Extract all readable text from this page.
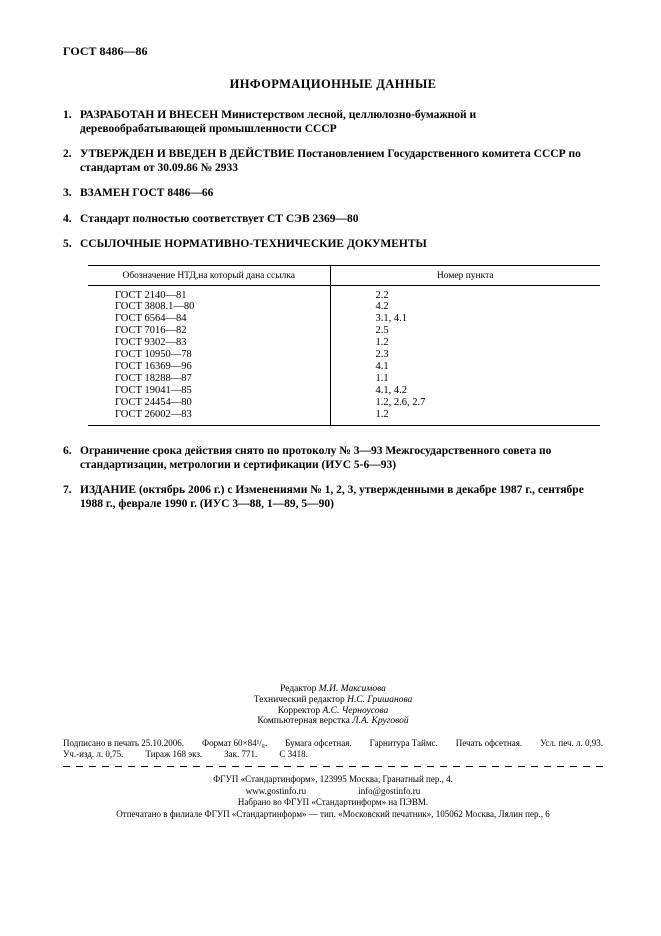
ГОСТ 8486—86
ИНФОРМАЦИОННЫЕ ДАННЫЕ
1. РАЗРАБОТАН И ВНЕСЕН Министерством лесной, целлюлозно-бумажной и деревообрабатывающей промышленности СССР
2. УТВЕРЖДЕН И ВВЕДЕН В ДЕЙСТВИЕ Постановлением Государственного комитета СССР по стандартам от 30.09.86 № 2933
3. ВЗАМЕН ГОСТ 8486—66
4. Стандарт полностью соответствует СТ СЭВ 2369—80
5. ССЫЛОЧНЫЕ НОРМАТИВНО-ТЕХНИЧЕСКИЕ ДОКУМЕНТЫ
Обозначение НТД,на который дана ссылка	Номер пункта
ГОСТ 2140—81	2.2
ГОСТ 3808.1—80	4.2
ГОСТ 6564—84	3.1, 4.1
ГОСТ 7016—82	2.5
ГОСТ 9302—83	1.2
ГОСТ 10950—78	2.3
ГОСТ 16369—96	4.1
ГОСТ 18288—87	1.1
ГОСТ 19041—85	4.1, 4.2
ГОСТ 24454—80	1.2, 2.6, 2.7
ГОСТ 26002—83	1.2
6. Ограничение срока действия снято по протоколу № 3—93 Межгосударственного совета по стандартизации, метрологии и сертификации (ИУС 5-6—93)
7. ИЗДАНИЕ (октябрь 2006 г.) с Изменениями № 1, 2, 3, утвержденными в декабре 1987 г., сентябре 1988 г., феврале 1990 г. (ИУС 3—88, 1—89, 5—90)
Редактор М.И. Максимова
Технический редактор Н.С. Гришанова
Корректор А.С. Черноусова
Компьютерная верстка Л.А. Круговой
Подписано в печать 25.10.2006. Формат 60×84¹/₈. Бумага офсетная. Гарнитура Таймс. Печать офсетная. Усл. печ. л. 0,93.
Уч.-изд. л. 0,75. Тираж 168 экз. Зак. 771. С 3418.
ФГУП «Стандартинформ», 123995 Москва, Гранатный пер., 4.
www.gostinfo.ru	info@gostinfo.ru
Набрано во ФГУП «Стандартинформ» на ПЭВМ.
Отпечатано в филиале ФГУП «Стандартинформ» — тип. «Московский печатник», 105062 Москва, Лялин пер., 6
